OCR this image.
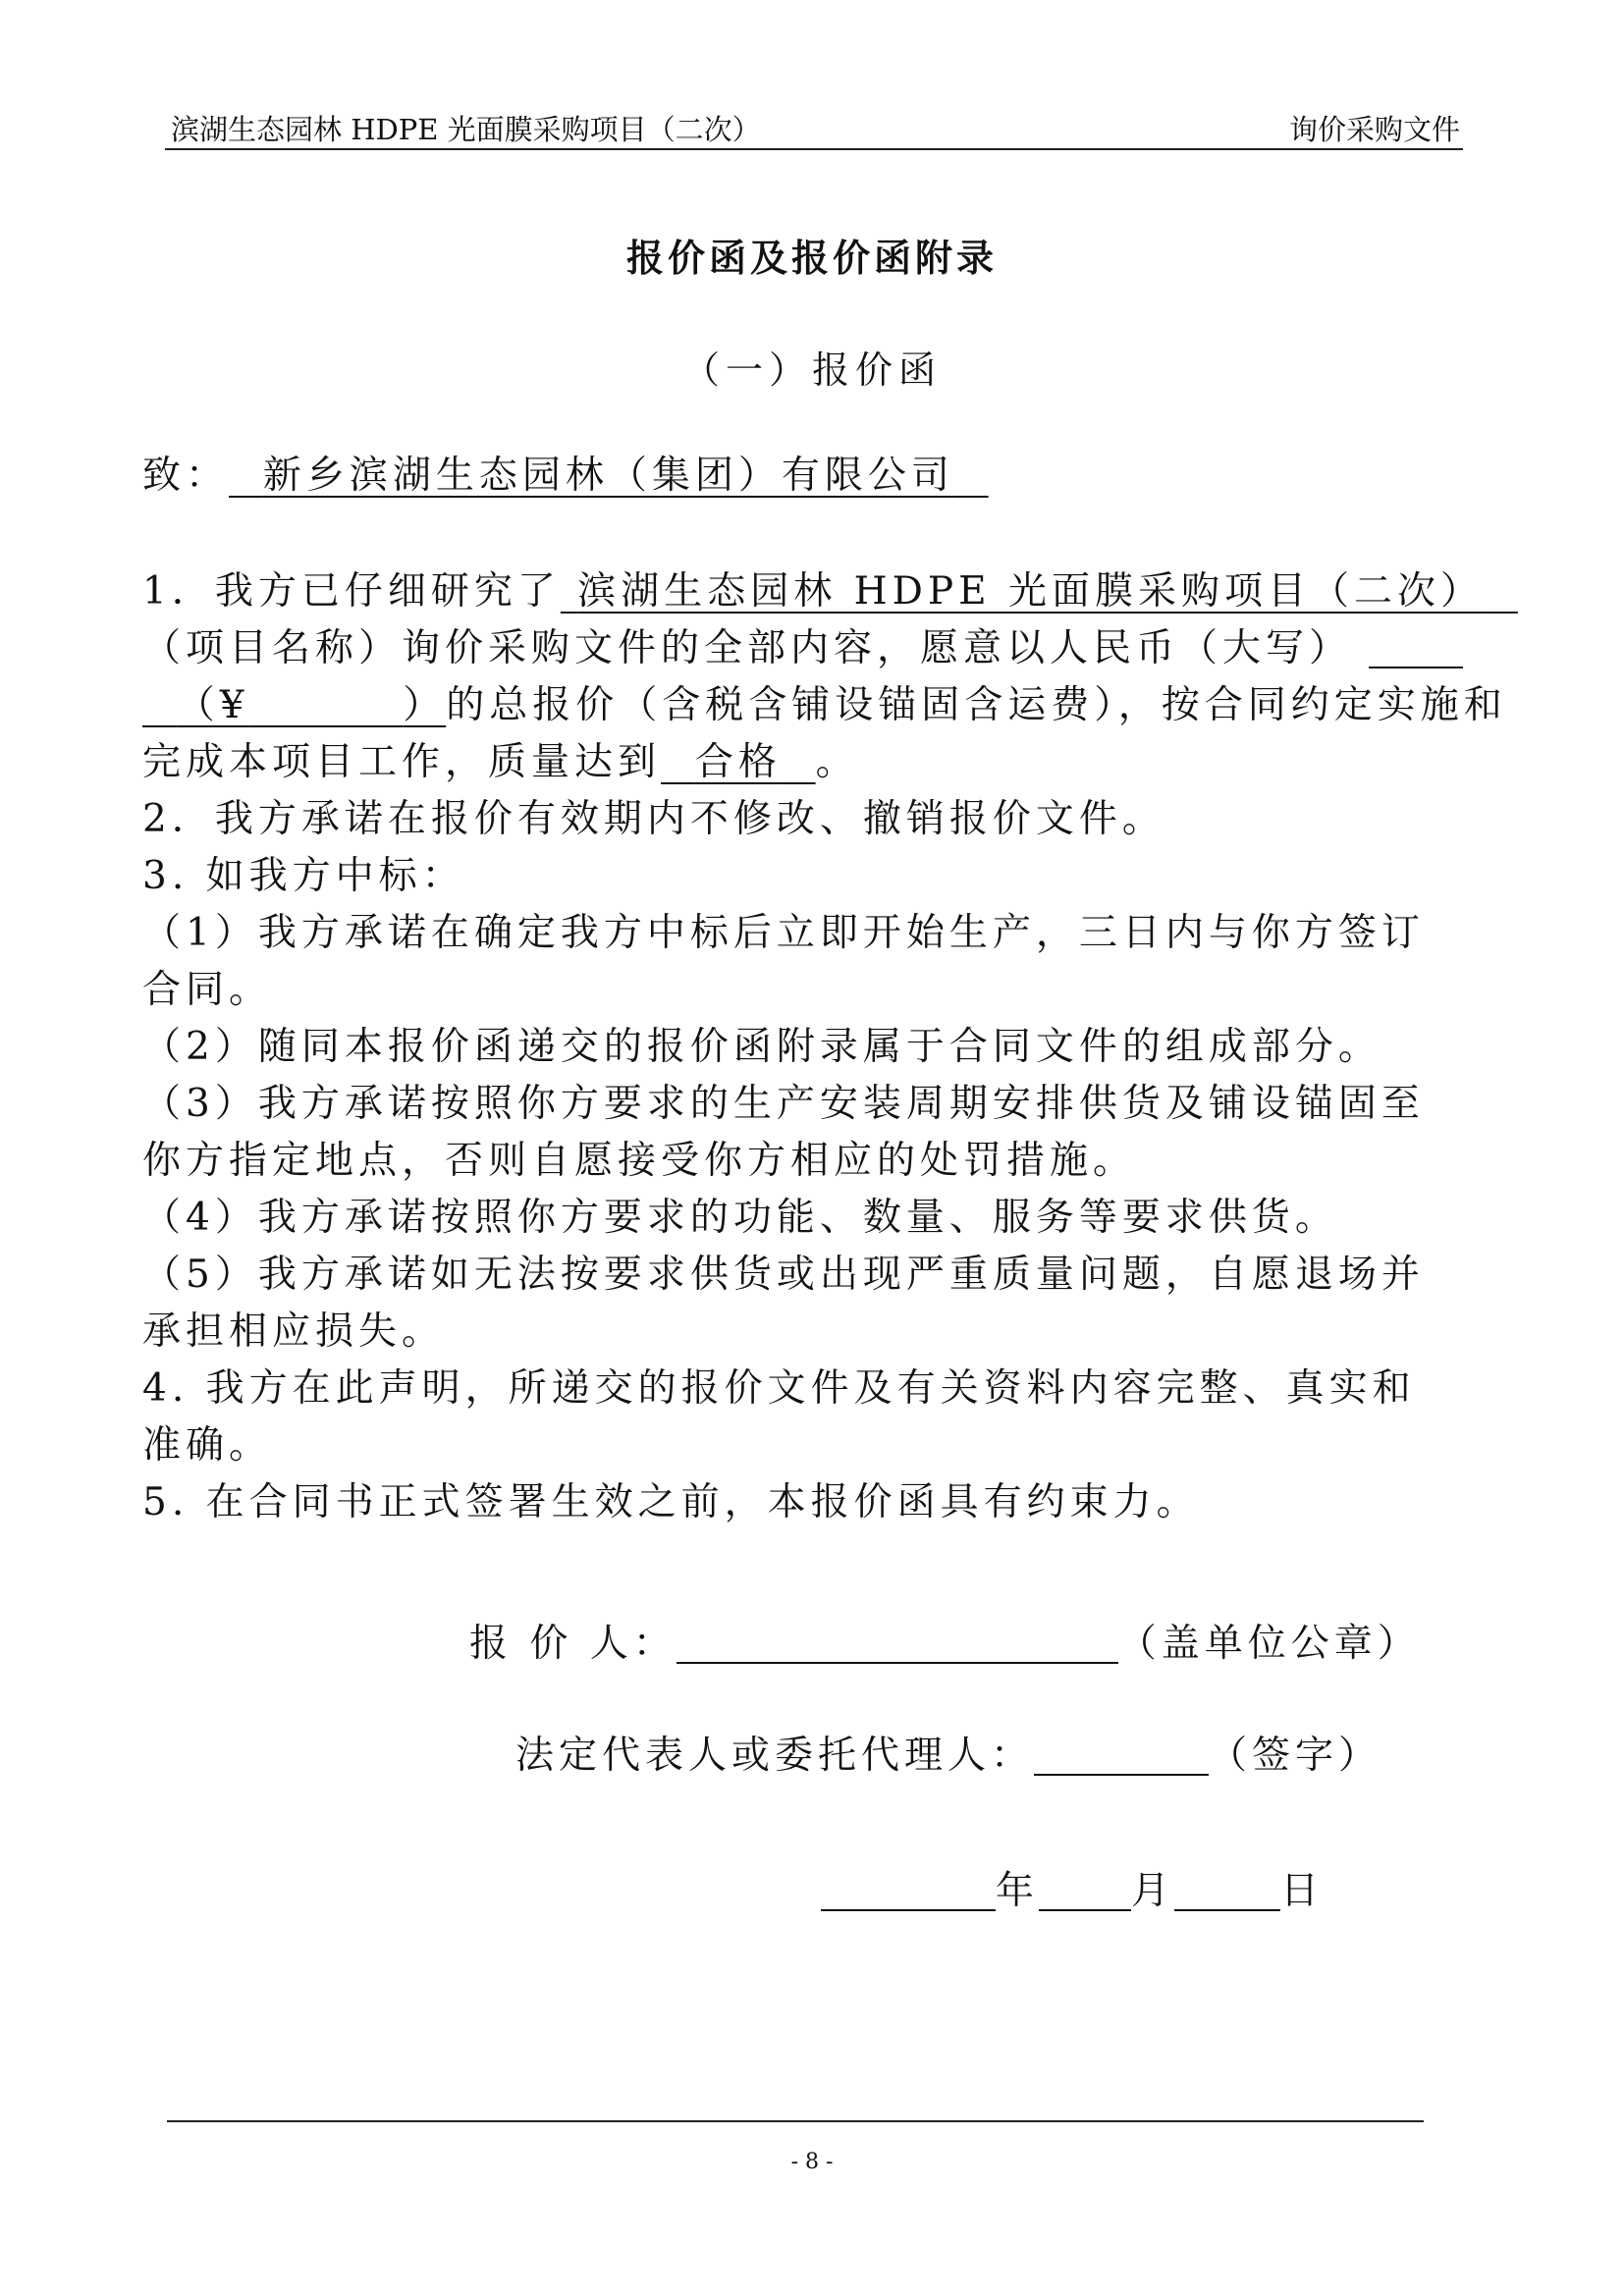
滨湖生态园林 HDPE 光面膜采购项目（二次）	询价采购文件
报价函及报价函附录
（一）报价函
致： 新乡滨湖生态园林（集团）有限公司
1．我方已仔细研究了 滨湖生态园林 HDPE 光面膜采购项目（二次）
（项目名称）询价采购文件的全部内容，愿意以人民币（大写）
（¥	）的总报价（含税含铺设锚固含运费），按合同约定实施和
完成本项目工作，质量达到 合格 。
2．我方承诺在报价有效期内不修改、撤销报价文件。
3. 如我方中标：
（1）我方承诺在确定我方中标后立即开始生产，三日内与你方签订
合同。
（2）随同本报价函递交的报价函附录属于合同文件的组成部分。
（3）我方承诺按照你方要求的生产安装周期安排供货及铺设锚固至
你方指定地点，否则自愿接受你方相应的处罚措施。
（4）我方承诺按照你方要求的功能、数量、服务等要求供货。
（5）我方承诺如无法按要求供货或出现严重质量问题，自愿退场并
承担相应损失。
4. 我方在此声明，所递交的报价文件及有关资料内容完整、真实和
准确。
5. 在合同书正式签署生效之前，本报价函具有约束力。
报 价 人：	（盖单位公章）
法定代表人或委托代理人：	（签字）
年 月	日
- 8 -
